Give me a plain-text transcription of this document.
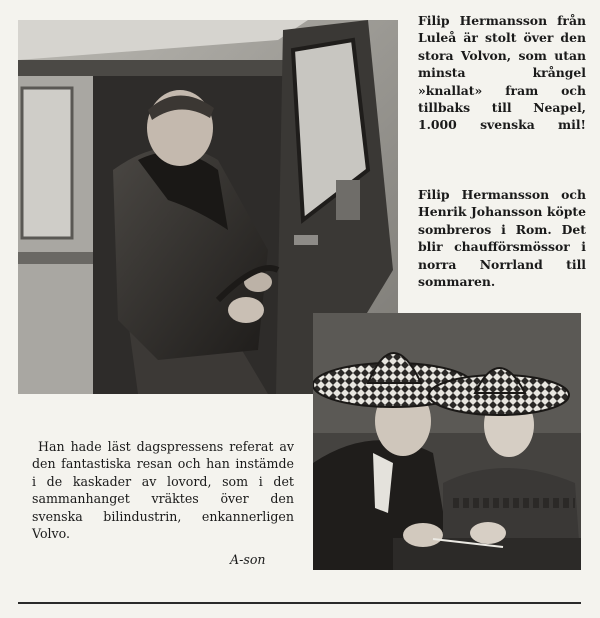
Filip Hermansson från Luleå är stolt över den stora Volvon, som utan minsta krångel »knallat» fram och tillbaks till Neapel, 1.000 svenska mil!
Filip Hermansson och Henrik Johansson köpte sombreros i Rom. Det blir chaufförsmössor i norra Norrland till sommaren.
Han hade läst dagspressens referat av den fantastiska resan och han instämde i de kaskader av lovord, som i det sammanhanget vräktes över den svenska bilindustrin, enkannerligen Volvo.
A-son
